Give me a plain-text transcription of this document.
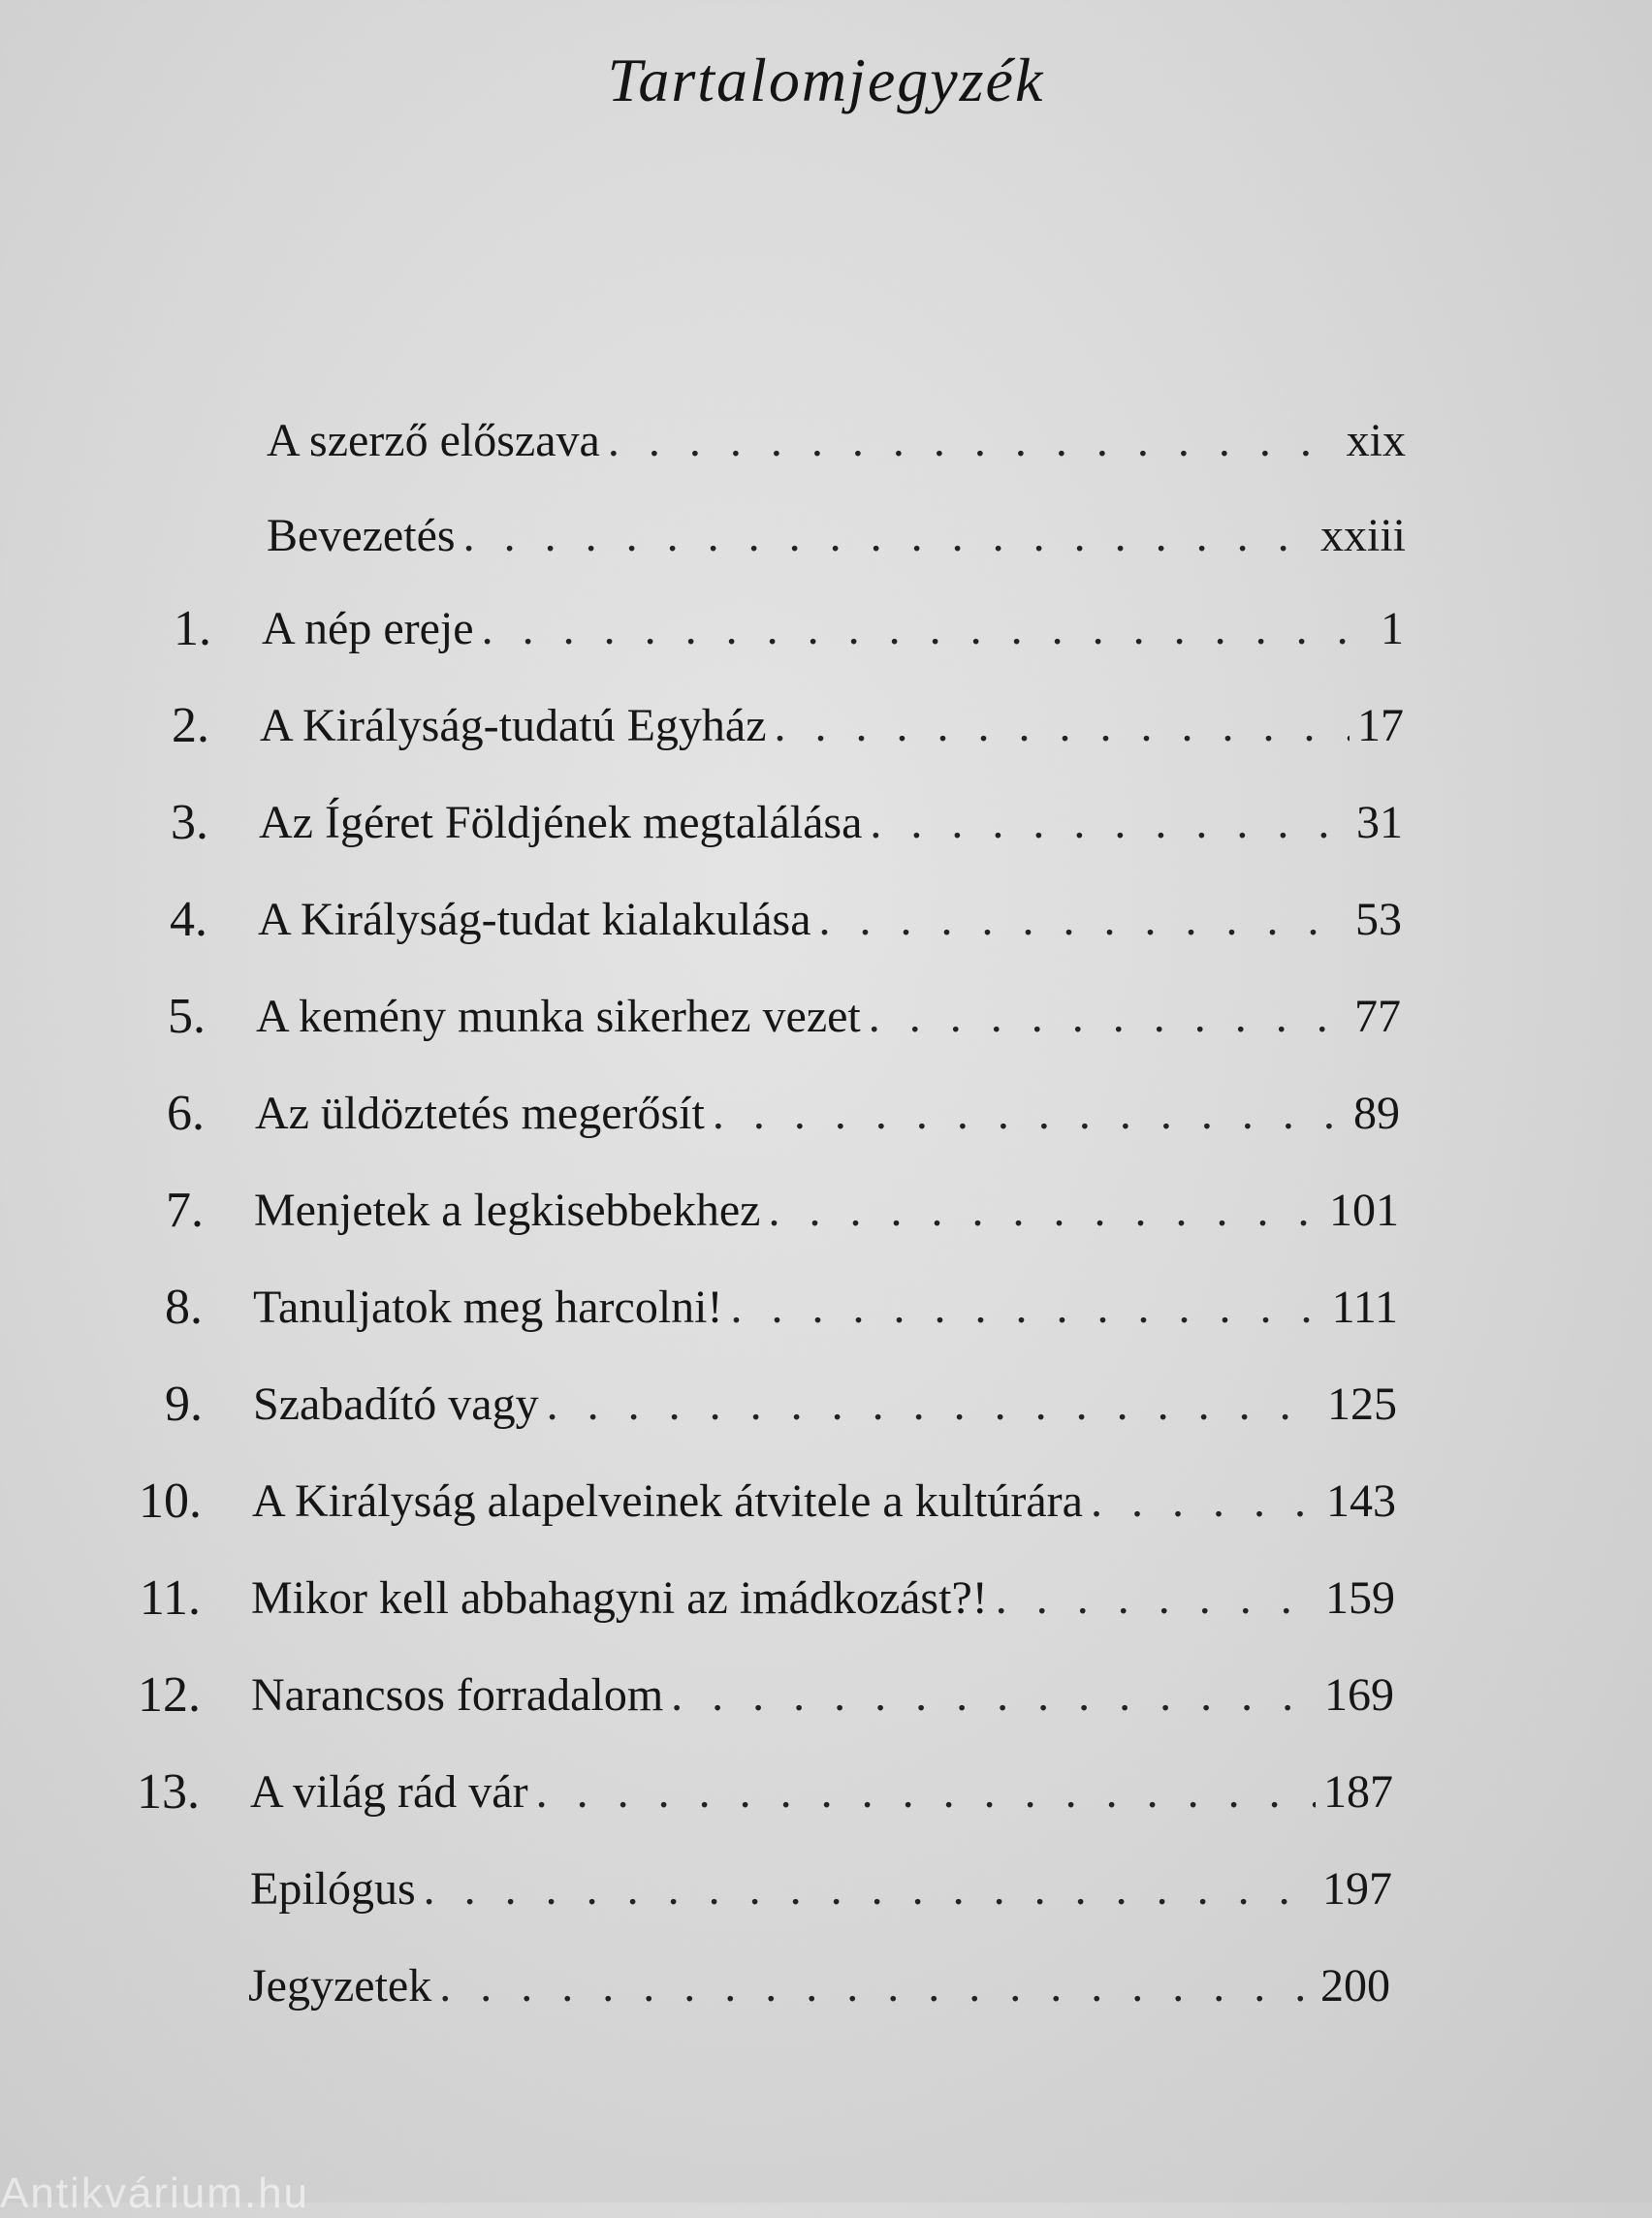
Tartalomjegyzék
A szerző előszava . . .	xix
Bevezetés . . .	xxiii
1. A nép ereje . . .	1
2. A Királyság-tudatú Egyház . . .	17
3. Az Ígéret Földjének megtalálása . . .	31
4. A Királyság-tudat kialakulása . . .	53
5. A kemény munka sikerhez vezet . . .	77
6. Az üldöztetés megerősít . . .	89
7. Menjetek a legkisebbekhez . . .	101
8. Tanuljatok meg harcolni! . . .	111
9. Szabadító vagy . . .	125
10. A Királyság alapelveinek átvitele a kultúrára . . .	143
11. Mikor kell abbahagyni az imádkozást?! . . .	159
12. Narancsos forradalom . . .	169
13. A világ rád vár . . .	187
Epilógus . . .	197
Jegyzetek . . .	200
Antikvárium.hu
